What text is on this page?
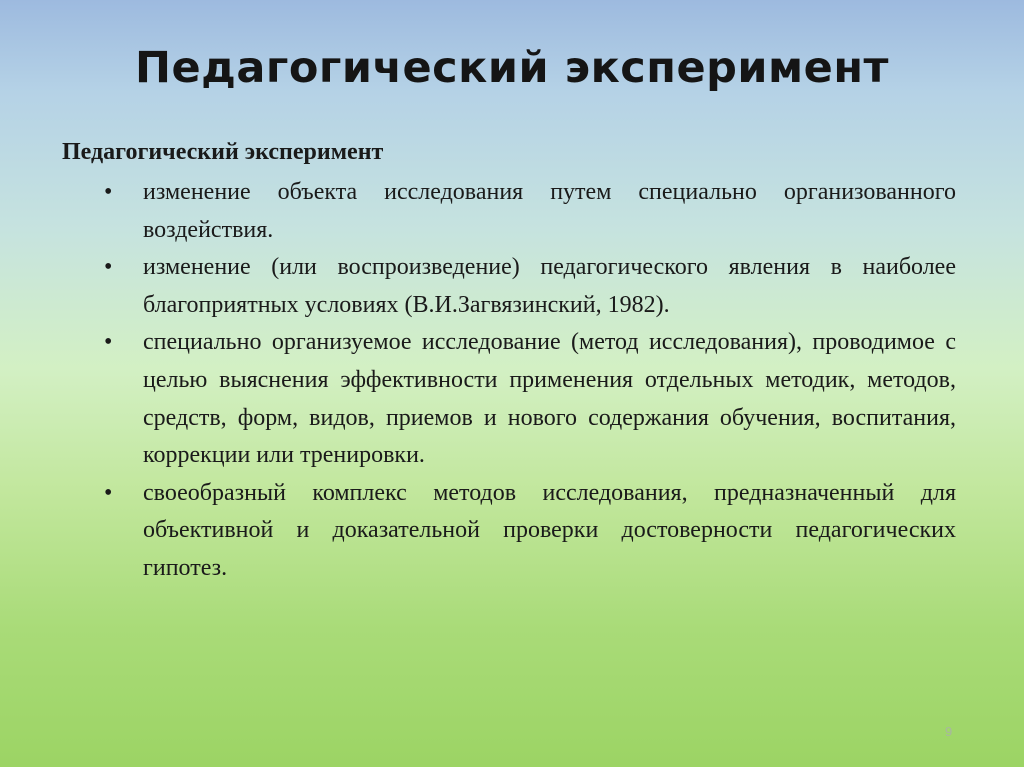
Педагогический эксперимент
Педагогический эксперимент
• изменение объекта исследования путем специально организованного воздействия.
• изменение (или воспроизведение) педагогического явления в наиболее благоприятных условиях (В.И.Загвязинский, 1982).
• специально организуемое исследование (метод исследования), проводимое с целью выяснения эффективности применения отдельных методик, методов, средств, форм, видов, приемов и нового содержания обучения, воспитания, коррекции или тренировки.
• своеобразный комплекс методов исследования, предназначенный для объективной и доказательной проверки достоверности педагогических гипотез.
9
